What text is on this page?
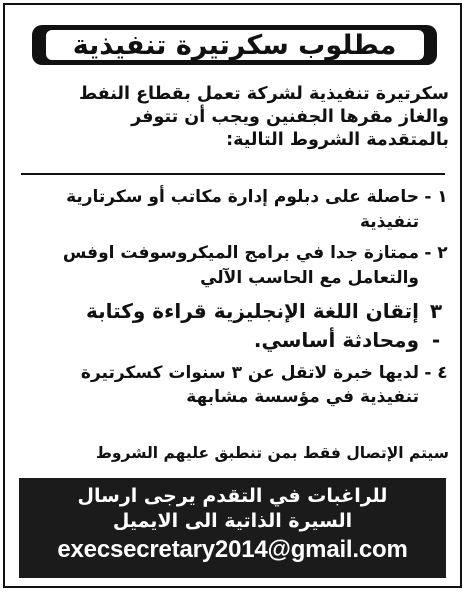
مطلوب سكرتيرة تنفيذية
سكرتيرة تنفيذية لشركة تعمل بقطاع النفط
والغاز مقرها الجفنين ويجب أن تتوفر
بالمتقدمة الشروط التالية:
١ -
حاصلة على دبلوم إدارة مكاتب أو سكرتارية
تنفيذية
٢ -
ممتازة جدا في برامج الميكروسوفت اوفس
والتعامل مع الحاسب الآلي
٣ -
إتقان اللغة الإنجليزية قراءة وكتابة
ومحادثة أساسي.
٤ -
لديها خبرة لاتقل عن ٣ سنوات كسكرتيرة
تنفيذية في مؤسسة مشابهة
سيتم الإتصال فقط بمن تنطبق عليهم الشروط
للراغبات في التقدم يرجى ارسال
السيرة الذاتية الى الايميل
execsecretary2014@gmail.com
